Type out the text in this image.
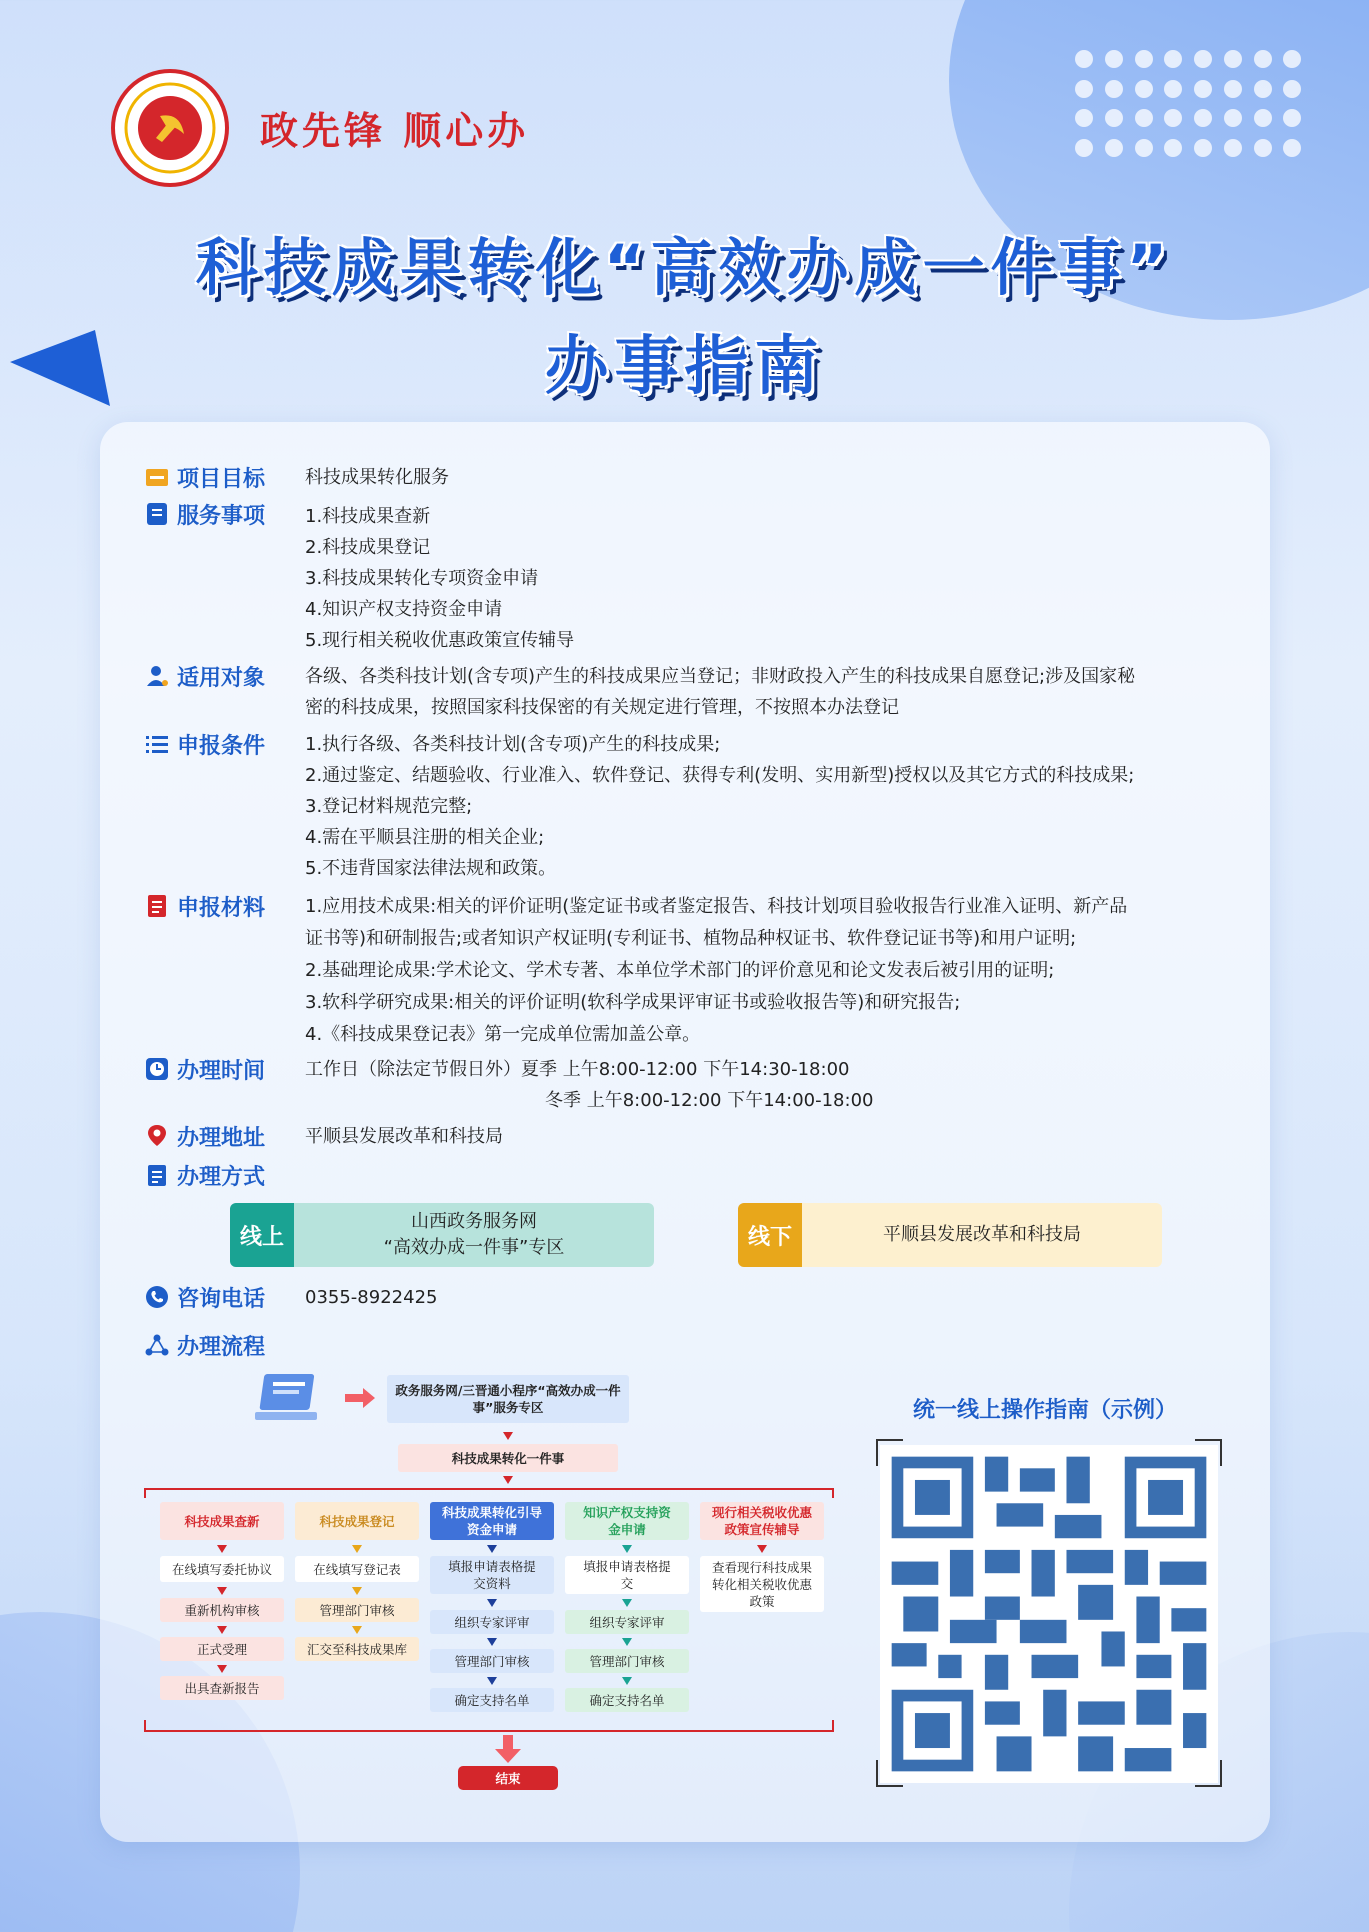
政先锋 顺心办
科技成果转化“高效办成一件事”
办事指南
项目目标 科技成果转化服务
服务事项 1.科技成果查新
2.科技成果登记
3.科技成果转化专项资金申请
4.知识产权支持资金申请
5.现行相关税收优惠政策宣传辅导
适用对象 各级、各类科技计划(含专项)产生的科技成果应当登记；非财政投入产生的科技成果自愿登记;涉及国家秘
密的科技成果，按照国家科技保密的有关规定进行管理，不按照本办法登记
申报条件 1.执行各级、各类科技计划(含专项)产生的科技成果;
2.通过鉴定、结题验收、行业准入、软件登记、获得专利(发明、实用新型)授权以及其它方式的科技成果;
3.登记材料规范完整;
4.需在平顺县注册的相关企业;
5.不违背国家法律法规和政策。
申报材料 1.应用技术成果:相关的评价证明(鉴定证书或者鉴定报告、科技计划项目验收报告行业准入证明、新产品
证书等)和研制报告;或者知识产权证明(专利证书、植物品种权证书、软件登记证书等)和用户证明;
2.基础理论成果:学术论文、学术专著、本单位学术部门的评价意见和论文发表后被引用的证明;
3.软科学研究成果:相关的评价证明(软科学成果评审证书或验收报告等)和研究报告;
4.《科技成果登记表》第一完成单位需加盖公章。
办理时间 工作日（除法定节假日外）夏季 上午8:00-12:00 下午14:30-18:00
冬季 上午8:00-12:00 下午14:00-18:00
办理地址 平顺县发展改革和科技局
办理方式
线上
山西政务服务网
“高效办成一件事”专区	线下	平顺县发展改革和科技局
咨询电话 0355-8922425
办理流程
政务服务网/三晋通小程序“高效办成一件事”服务专区
科技成果转化一件事
科技成果查新
在线填写委托协议
重新机构审核
正式受理
出具查新报告
科技成果登记
在线填写登记表
管理部门审核
汇交至科技成果库
科技成果转化引导资金申请
填报申请表格提交资料
组织专家评审
管理部门审核
确定支持名单
知识产权支持资金申请
填报申请表格提交
组织专家评审
管理部门审核
确定支持名单
现行相关税收优惠政策宣传辅导
查看现行科技成果转化相关税收优惠政策
结束
统一线上操作指南（示例）
